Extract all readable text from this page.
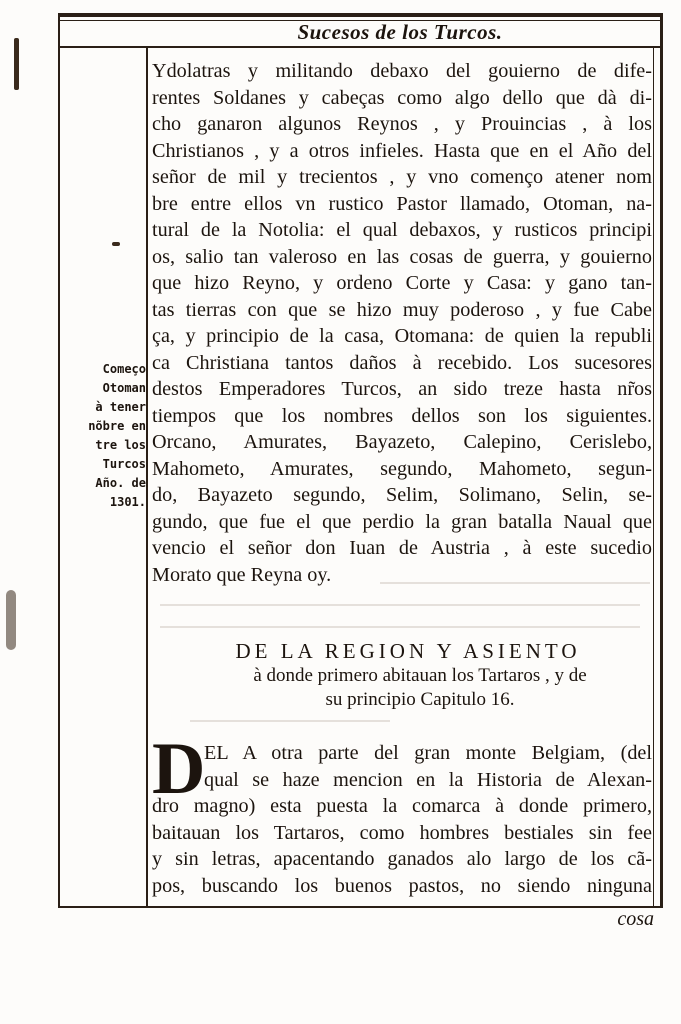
Sucesos de los Turcos.
Ydolatras y militando debaxo del gouierno de dife-
rentes Soldanes y cabeças como algo dello que dà di-
cho ganaron algunos Reynos , y Prouincias , à los
Christianos , y a otros infieles. Hasta que en el Año del
señor de mil y trecientos , y vno començo atener nom
bre entre ellos vn rustico Pastor llamado, Otoman, na-
tural de la Notolia: el qual debaxos, y rusticos principi
os, salio tan valeroso en las cosas de guerra, y gouierno
que hizo Reyno, y ordeno Corte y Casa: y gano tan-
tas tierras con que se hizo muy poderoso , y fue Cabe
ça, y principio de la casa, Otomana: de quien la republi
ca Christiana tantos daños à recebido. Los sucesores
destos Emperadores Turcos, an sido treze hasta nr̃os
tiempos que los nombres dellos son los siguientes.
Orcano, Amurates, Bayazeto, Calepino, Cerislebo,
Mahometo, Amurates, segundo, Mahometo, segun-
do, Bayazeto segundo, Selim, Solimano, Selin, se-
gundo, que fue el que perdio la gran batalla Naual que
vencio el señor don Iuan de Austria , à este sucedio
Morato que Reyna oy.
Começo
Otoman
à tener
nõbre en
tre los
Turcos
Año. de
1301.
DE LA REGION Y ASIENTO
à donde primero abitauan los Tartaros , y de
su principio Capitulo 16.
D
EL A otra parte del gran monte Belgiam, (del
qual se haze mencion en la Historia de Alexan-
dro magno) esta puesta la comarca à donde primero,
baitauan los Tartaros, como hombres bestiales sin fee
y sin letras, apacentando ganados alo largo de los cã-
pos, buscando los buenos pastos, no siendo ninguna
cosa
